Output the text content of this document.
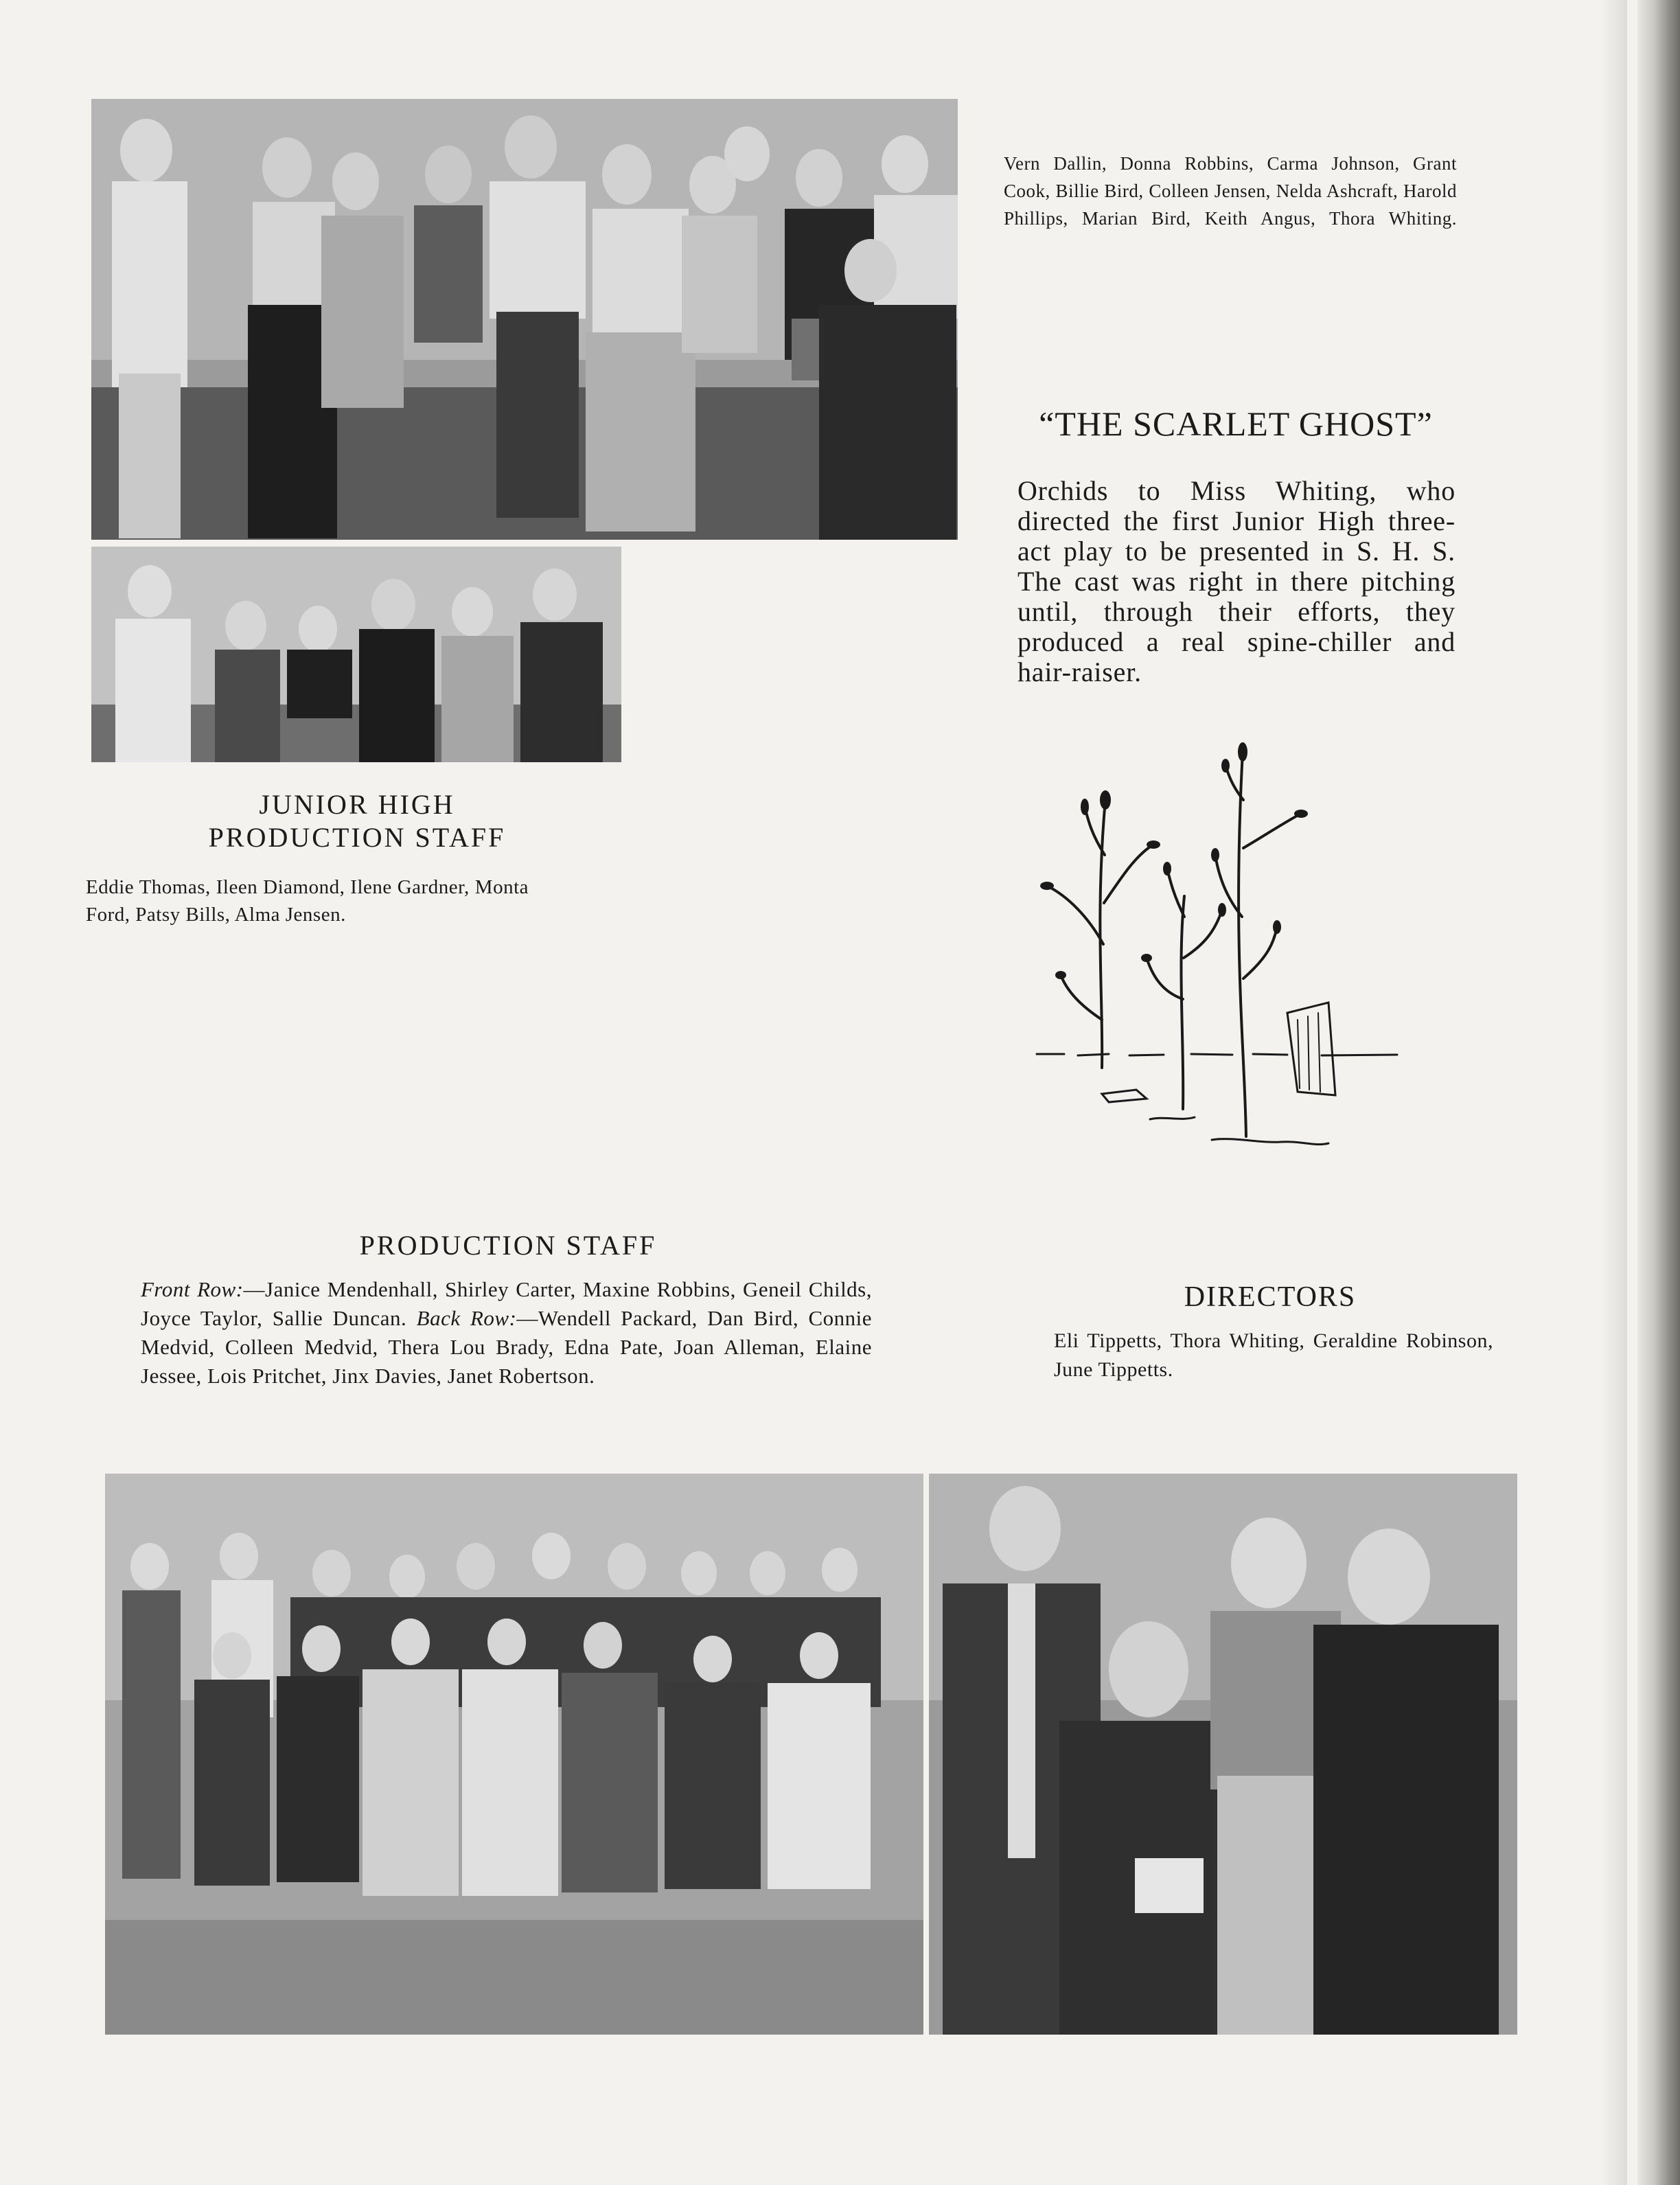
Vern Dallin, Donna Robbins, Carma Johnson, Grant Cook, Billie Bird, Colleen Jensen, Nelda Ashcraft, Harold Phillips, Marian Bird, Keith Angus, Thora Whiting.

“THE SCARLET GHOST”

Orchids to Miss Whiting, who directed the first Junior High three-act play to be presented in S. H. S. The cast was right in there pitching until, through their efforts, they produced a real spine-chiller and hair-raiser.

JUNIOR HIGH
PRODUCTION STAFF

Eddie Thomas, Ileen Diamond, Ilene Gardner, Monta Ford, Patsy Bills, Alma Jensen.

PRODUCTION STAFF

Front Row:—Janice Mendenhall, Shirley Carter, Maxine Robbins, Geneil Childs, Joyce Taylor, Sallie Duncan. Back Row:—Wendell Packard, Dan Bird, Connie Medvid, Colleen Medvid, Thera Lou Brady, Edna Pate, Joan Alleman, Elaine Jessee, Lois Pritchet, Jinx Davies, Janet Robertson.

DIRECTORS

Eli Tippetts, Thora Whiting, Geraldine Robinson, June Tippetts.
